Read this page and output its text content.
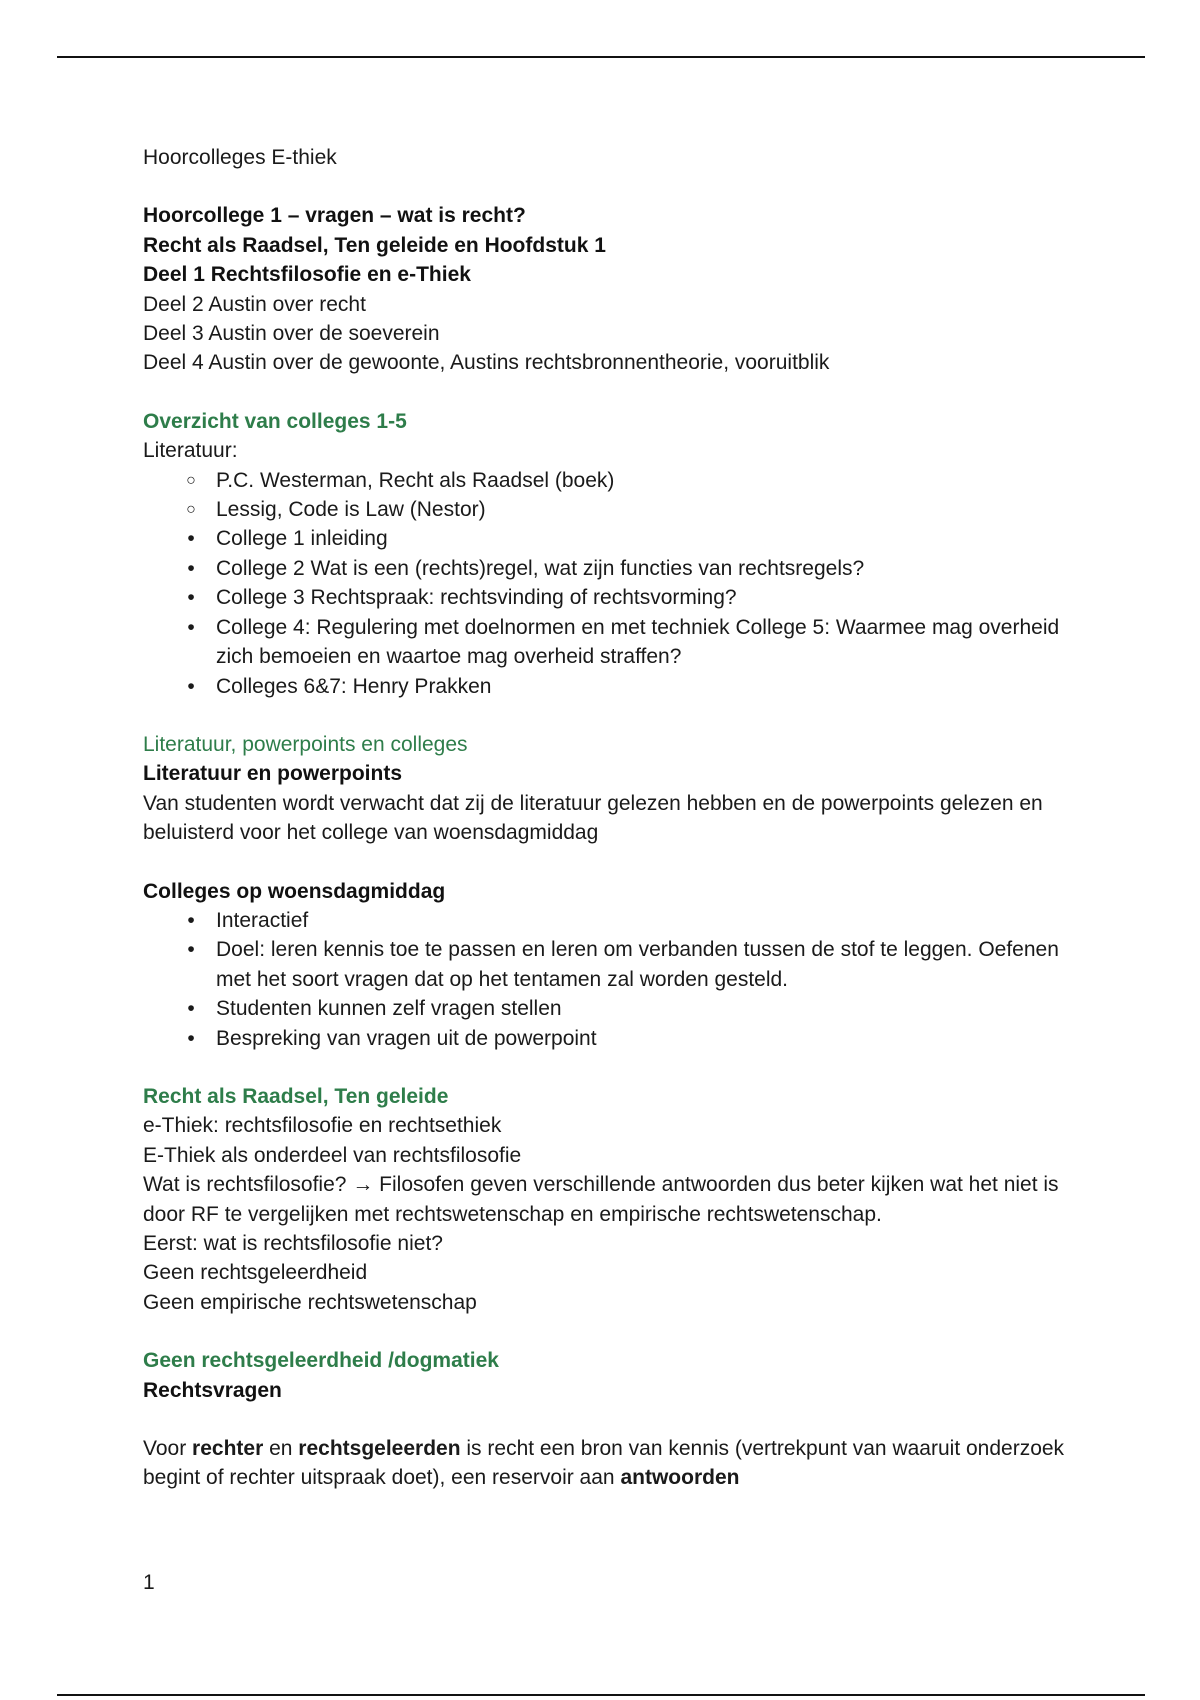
Hoorcolleges E-thiek

Hoorcollege 1 – vragen – wat is recht?

Recht als Raadsel, Ten geleide en Hoofdstuk 1

Deel 1 Rechtsfilosofie en e-Thiek

Deel 2 Austin over recht

Deel 3 Austin over de soeverein

Deel 4 Austin over de gewoonte, Austins rechtsbronnentheorie, vooruitblik

Overzicht van colleges 1-5

Literatuur:

○ P.C. Westerman, Recht als Raadsel (boek)
○ Lessig, Code is Law (Nestor)
•	College 1 inleiding
•	College 2 Wat is een (rechts)regel, wat zijn functies van rechtsregels?
•	College 3 Rechtspraak: rechtsvinding of rechtsvorming?
•	College 4: Regulering met doelnormen en met techniek College 5: Waarmee mag overheid zich bemoeien en waartoe mag overheid straffen?
•	Colleges 6&7: Henry Prakken

Literatuur, powerpoints en colleges

Literatuur en powerpoints

Van studenten wordt verwacht dat zij de literatuur gelezen hebben en de powerpoints gelezen en beluisterd voor het college van woensdagmiddag

Colleges op woensdagmiddag

•	Interactief
•	Doel: leren kennis toe te passen en leren om verbanden tussen de stof te leggen. Oefenen met het soort vragen dat op het tentamen zal worden gesteld.
•	Studenten kunnen zelf vragen stellen
•	Bespreking van vragen uit de powerpoint

Recht als Raadsel, Ten geleide

e-Thiek: rechtsfilosofie en rechtsethiek

E-Thiek als onderdeel van rechtsfilosofie

Wat is rechtsfilosofie? → Filosofen geven verschillende antwoorden dus beter kijken wat het niet is door RF te vergelijken met rechtswetenschap en empirische rechtswetenschap.

Eerst: wat is rechtsfilosofie niet?

Geen rechtsgeleerdheid

Geen empirische rechtswetenschap

Geen rechtsgeleerdheid /dogmatiek

Rechtsvragen

Voor rechter en rechtsgeleerden is recht een bron van kennis (vertrekpunt van waaruit onderzoek begint of rechter uitspraak doet), een reservoir aan antwoorden

1
